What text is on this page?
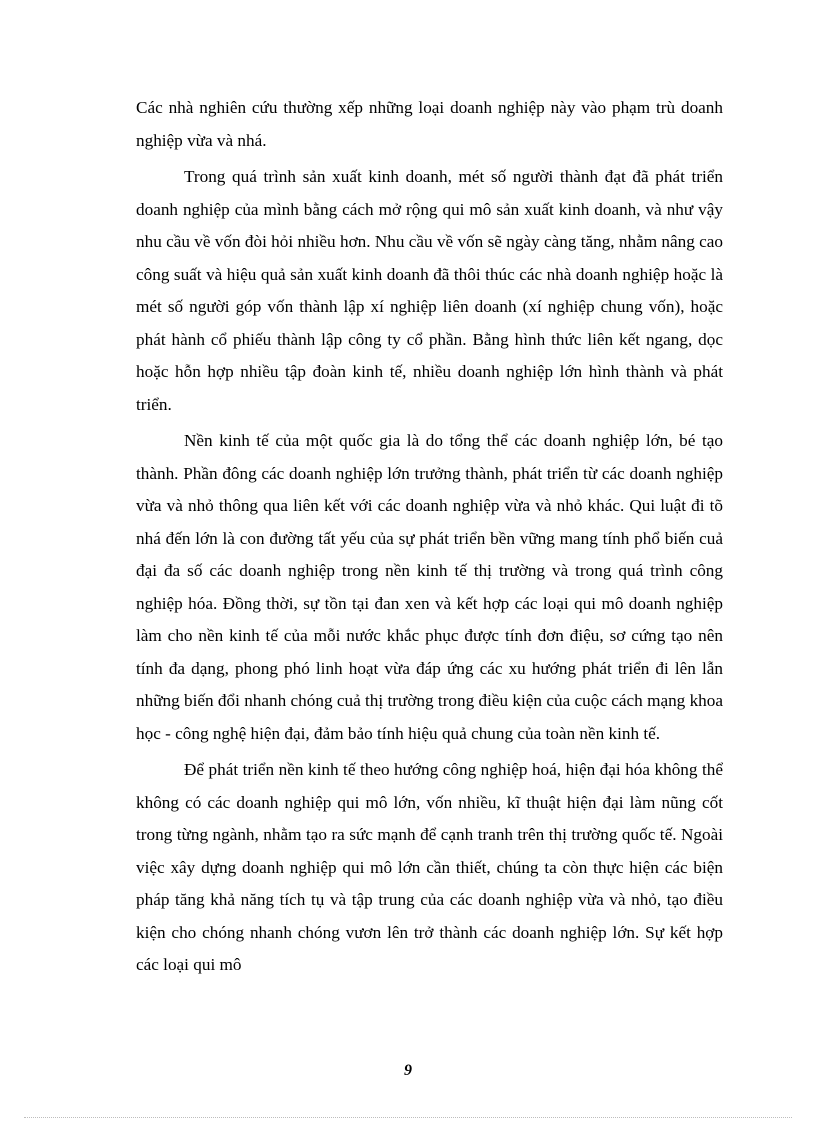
Các nhà nghiên cứu thường xếp những loại doanh nghiệp này vào phạm trù doanh nghiệp vừa và nhá.

Trong quá trình sản xuất kinh doanh, mét số người thành đạt đã phát triển doanh nghiệp của mình bằng cách mở rộng qui mô sản xuất kinh doanh, và như vậy nhu cầu về vốn đòi hỏi nhiều hơn. Nhu cầu về vốn sẽ ngày càng tăng, nhằm nâng cao công suất và hiệu quả sản xuất kinh doanh đã thôi thúc các nhà doanh nghiệp hoặc là mét số người góp vốn thành lập xí nghiệp liên doanh (xí nghiệp chung vốn), hoặc phát hành cổ phiếu thành lập công ty cổ phần. Bằng hình thức liên kết ngang, dọc hoặc hỗn hợp nhiều tập đoàn kinh tế, nhiều doanh nghiệp lớn hình thành và phát triển.

Nền kinh tế của một quốc gia là do tổng thể các doanh nghiệp lớn, bé tạo thành. Phần đông các doanh nghiệp lớn trưởng thành, phát triển từ các doanh nghiệp vừa và nhỏ thông qua liên kết với các doanh nghiệp vừa và nhỏ khác. Qui luật đi tõ nhá đến lớn là con đường tất yếu của sự phát triển bền vững mang tính phổ biến cuả đại đa số các doanh nghiệp trong nền kinh tế thị trường và trong quá trình công nghiệp hóa. Đồng thời, sự tồn tại đan xen và kết hợp các loại qui mô doanh nghiệp làm cho nền kinh tế của mỗi nước khắc phục được tính đơn điệu, sơ cứng tạo nên tính đa dạng, phong phó linh hoạt vừa đáp ứng các xu hướng phát triển đi lên lẫn những biến đổi nhanh chóng cuả thị trường trong điều kiện của cuộc cách mạng khoa học - công nghệ hiện đại, đảm bảo tính hiệu quả chung của toàn nền kinh tế.

Để phát triển nền kinh tế theo hướng công nghiệp hoá, hiện đại hóa không thể không có các doanh nghiệp qui mô lớn, vốn nhiều, kĩ thuật hiện đại làm nũng cốt trong từng ngành, nhằm tạo ra sức mạnh để cạnh tranh trên thị trường quốc tế. Ngoài việc xây dựng doanh nghiệp qui mô lớn cần thiết, chúng ta còn thực hiện các biện pháp tăng khả năng tích tụ và tập trung của các doanh nghiệp vừa và nhỏ, tạo điều kiện cho chóng nhanh chóng vươn lên trở thành các doanh nghiệp lớn. Sự kết hợp các loại qui mô

9
